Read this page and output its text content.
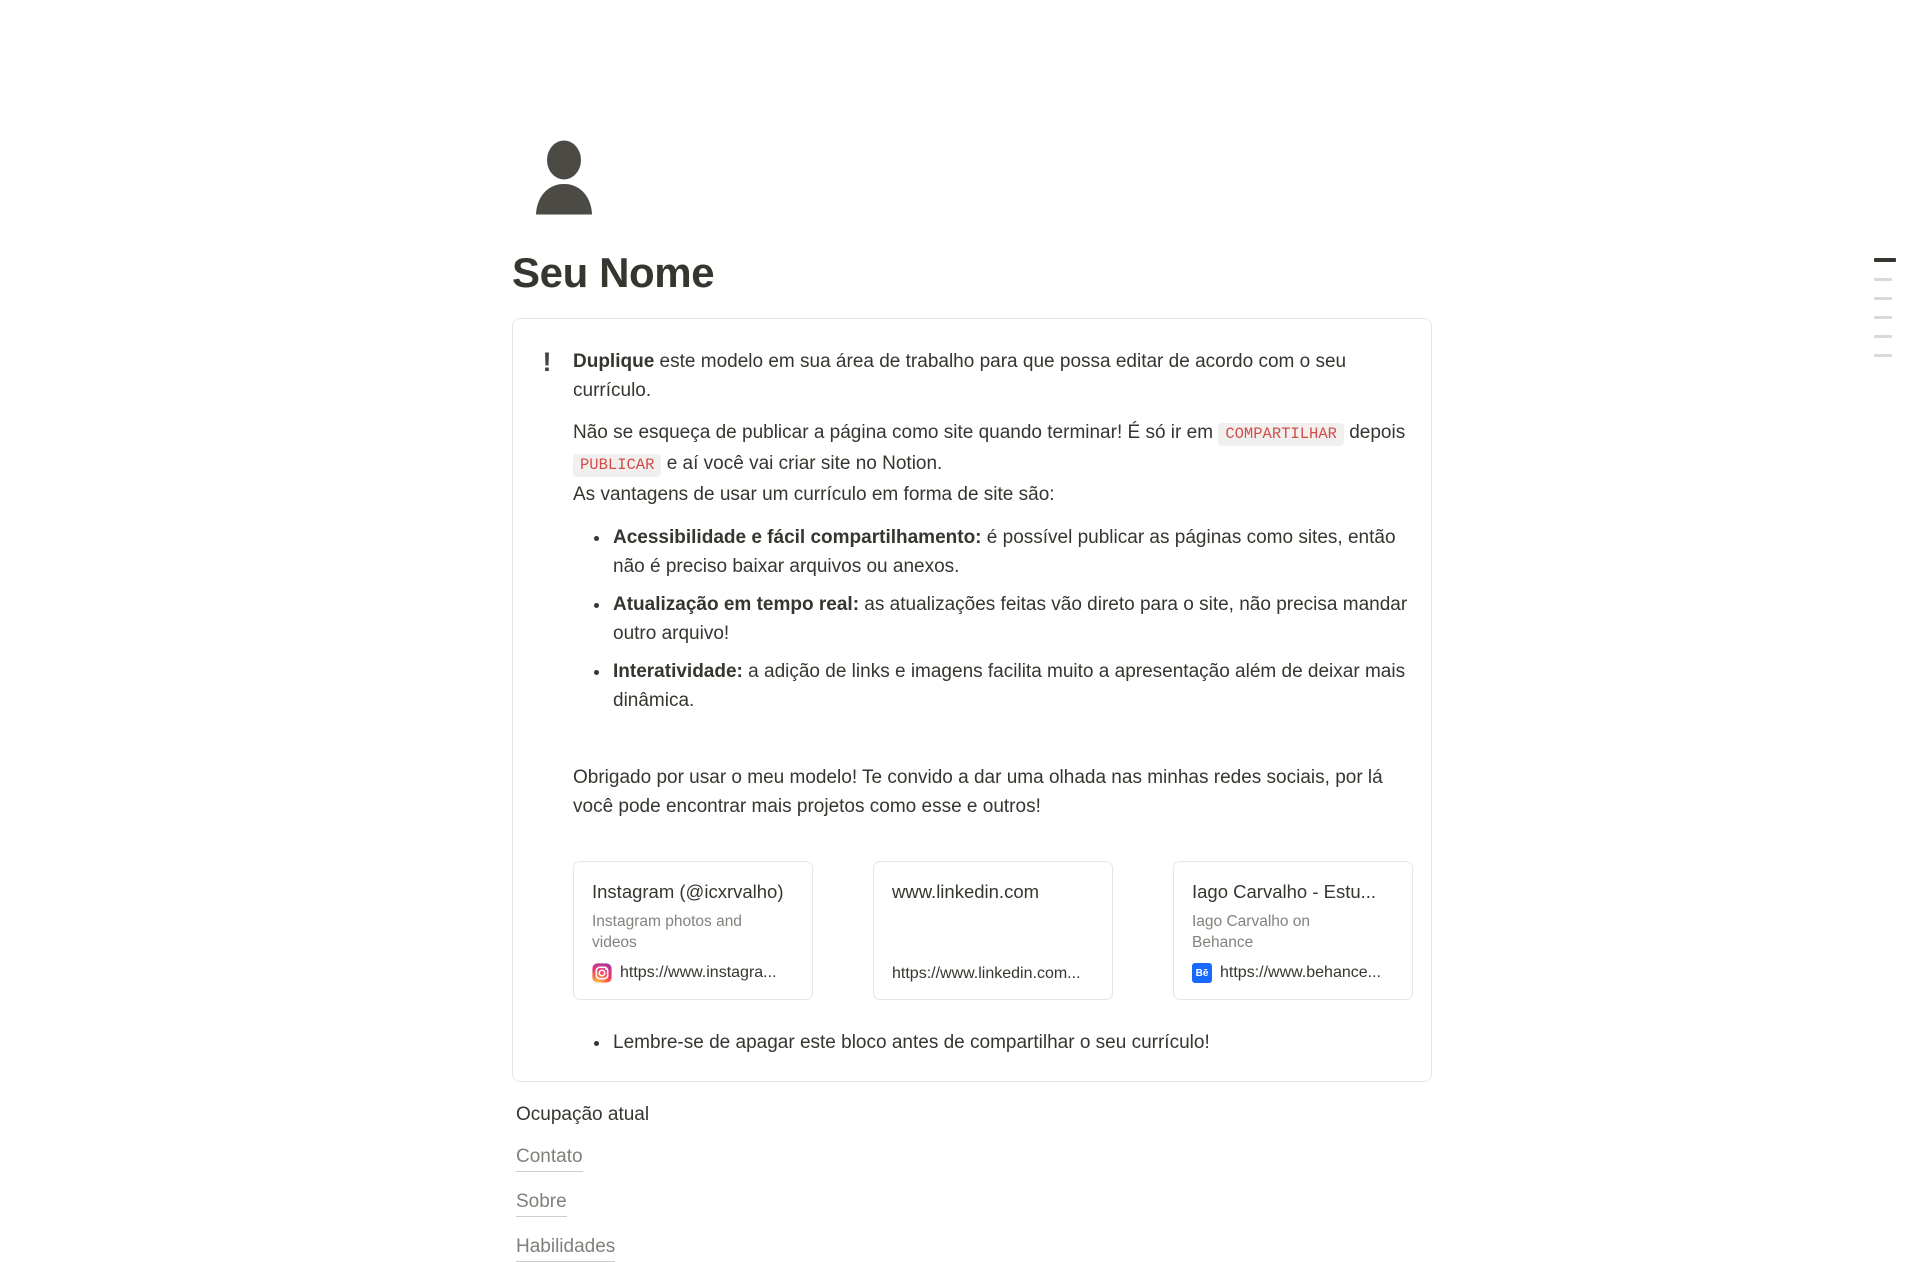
Seu Nome
! Duplique este modelo em sua área de trabalho para que possa editar de acordo com o seu currículo.

Não se esqueça de publicar a página como site quando terminar! É só ir em COMPARTILHAR depois PUBLICAR e aí você vai criar site no Notion.
As vantagens de usar um currículo em forma de site são:

• Acessibilidade e fácil compartilhamento: é possível publicar as páginas como sites, então não é preciso baixar arquivos ou anexos.
• Atualização em tempo real: as atualizações feitas vão direto para o site, não precisa mandar outro arquivo!
• Interatividade: a adição de links e imagens facilita muito a apresentação além de deixar mais dinâmica.

Obrigado por usar o meu modelo! Te convido a dar uma olhada nas minhas redes sociais, por lá você pode encontrar mais projetos como esse e outros!

Instagram (@icxrvalho)
Instagram photos and videos
https://www.instagra...
www.linkedin.com
https://www.linkedin.com...
Iago Carvalho - Estu...
Iago Carvalho on Behance
Bē https://www.behance...
• Lembre-se de apagar este bloco antes de compartilhar o seu currículo!

Ocupação atual

Contato
Sobre
Habilidades
